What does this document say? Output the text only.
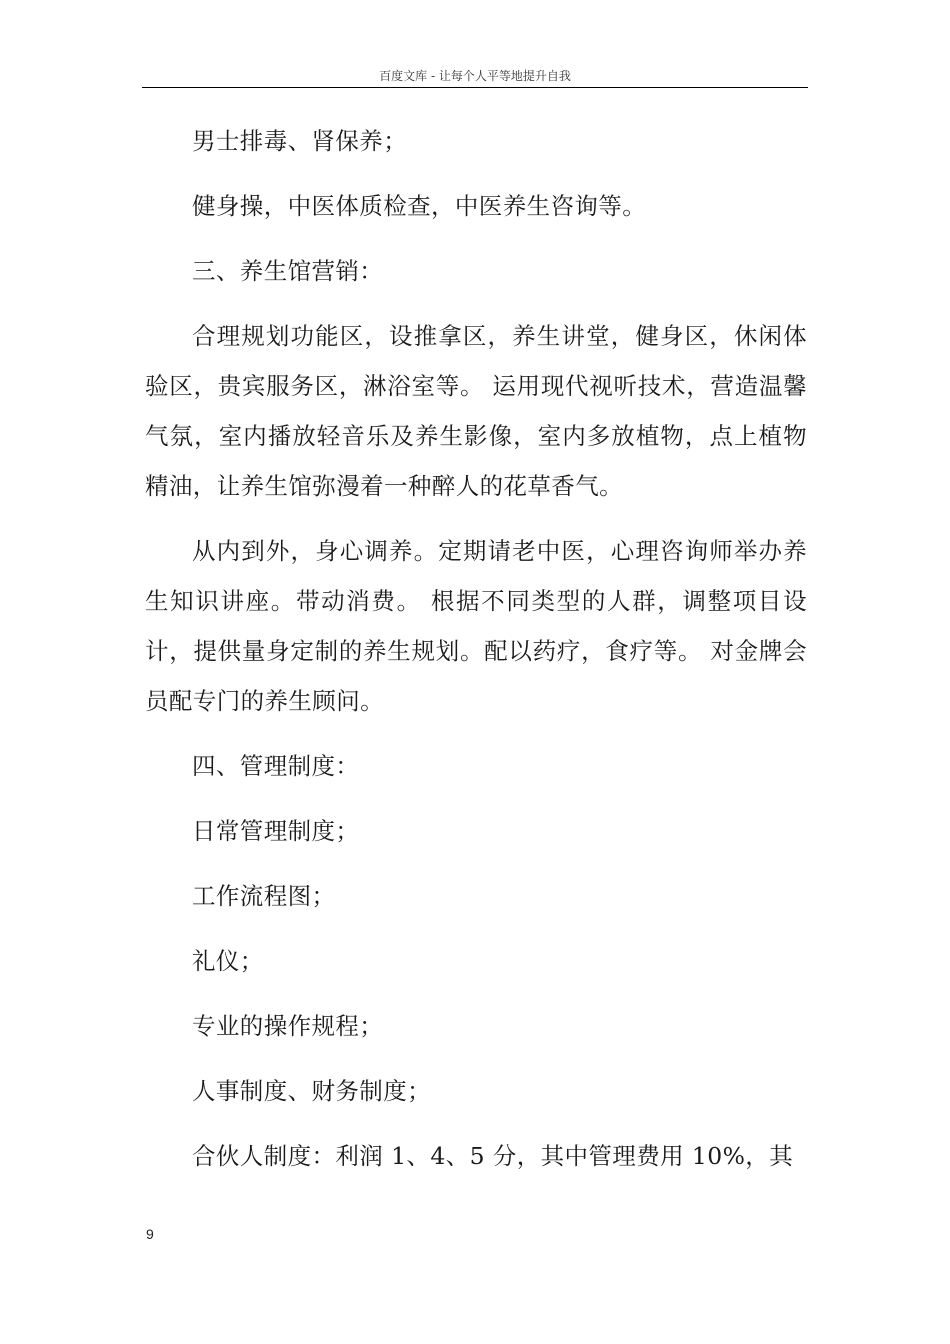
百度文库 - 让每个人平等地提升自我

男士排毒、肾保养；

健身操，中医体质检查，中医养生咨询等。

三、养生馆营销：

合理规划功能区，设推拿区，养生讲堂，健身区，休闲体验区，贵宾服务区，淋浴室等。 运用现代视听技术，营造温馨气氛，室内播放轻音乐及养生影像，室内多放植物，点上植物精油，让养生馆弥漫着一种醉人的花草香气。

从内到外，身心调养。定期请老中医，心理咨询师举办养生知识讲座。带动消费。 根据不同类型的人群，调整项目设计，提供量身定制的养生规划。配以药疗，食疗等。 对金牌会员配专门的养生顾问。

四、管理制度：

日常管理制度；

工作流程图；

礼仪；

专业的操作规程；

人事制度、财务制度；

合伙人制度：利润 1、4、5 分，其中管理费用 10%，其

9
